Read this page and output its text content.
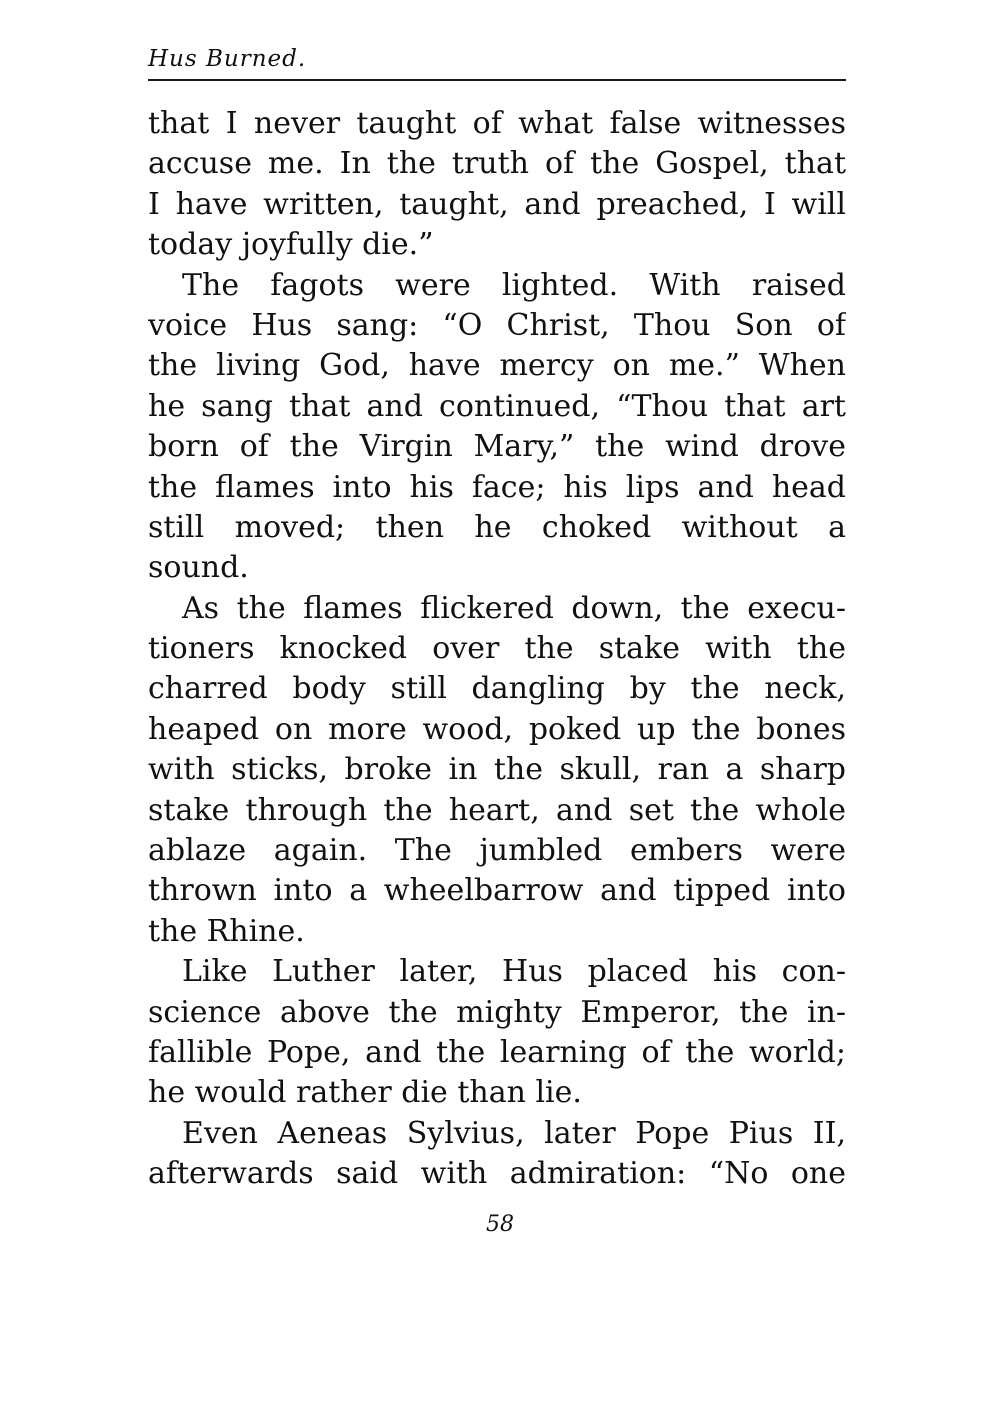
Hus Burned.
that I never taught of what false witnesses
accuse me. In the truth of the Gospel, that
I have written, taught, and preached, I will
today joyfully die.”
The fagots were lighted. With raised
voice Hus sang: “O Christ, Thou Son of
the living God, have mercy on me.” When
he sang that and continued, “Thou that art
born of the Virgin Mary,” the wind drove
the flames into his face; his lips and head
still moved; then he choked without a
sound.
As the flames flickered down, the execu-
tioners knocked over the stake with the
charred body still dangling by the neck,
heaped on more wood, poked up the bones
with sticks, broke in the skull, ran a sharp
stake through the heart, and set the whole
ablaze again. The jumbled embers were
thrown into a wheelbarrow and tipped into
the Rhine.
Like Luther later, Hus placed his con-
science above the mighty Emperor, the in-
fallible Pope, and the learning of the world;
he would rather die than lie.
Even Aeneas Sylvius, later Pope Pius II,
afterwards said with admiration: “No one
58
